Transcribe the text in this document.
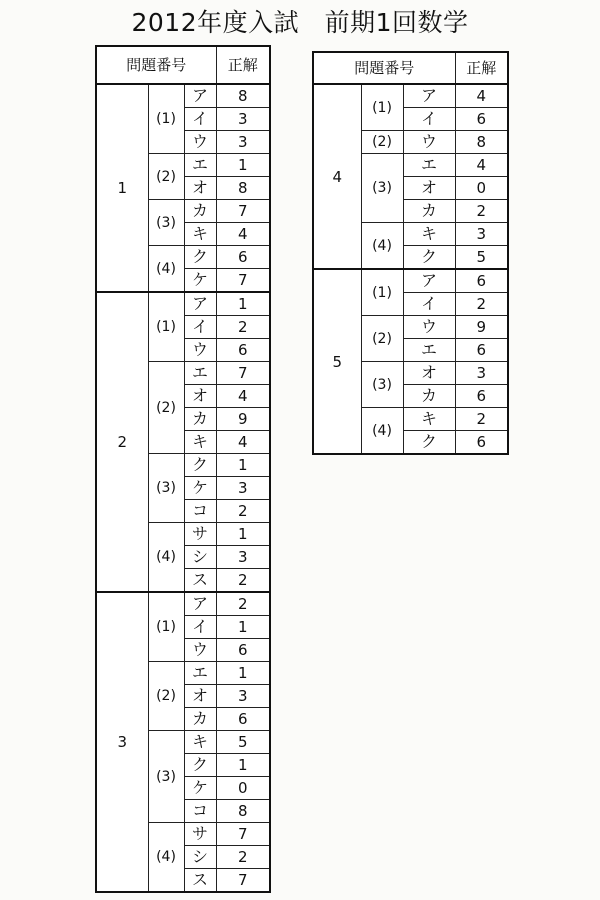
2012年度入試　前期1回数学
問題番号			正解
1	(1)	ア	8
		イ	3
		ウ	3
	(2)	エ	1
		オ	8
	(3)	カ	7
		キ	4
	(4)	ク	6
		ケ	7
2	(1)	ア	1
		イ	2
		ウ	6
	(2)	エ	7
		オ	4
		カ	9
		キ	4
	(3)	ク	1
		ケ	3
		コ	2
	(4)	サ	1
		シ	3
		ス	2
3	(1)	ア	2
		イ	1
		ウ	6
	(2)	エ	1
		オ	3
		カ	6
	(3)	キ	5
		ク	1
		ケ	0
		コ	8
	(4)	サ	7
		シ	2
		ス	7
問題番号			正解
4	(1)	ア	4
		イ	6
	(2)	ウ	8
	(3)	エ	4
		オ	0
		カ	2
	(4)	キ	3
		ク	5
5	(1)	ア	6
		イ	2
	(2)	ウ	9
		エ	6
	(3)	オ	3
		カ	6
	(4)	キ	2
		ク	6
